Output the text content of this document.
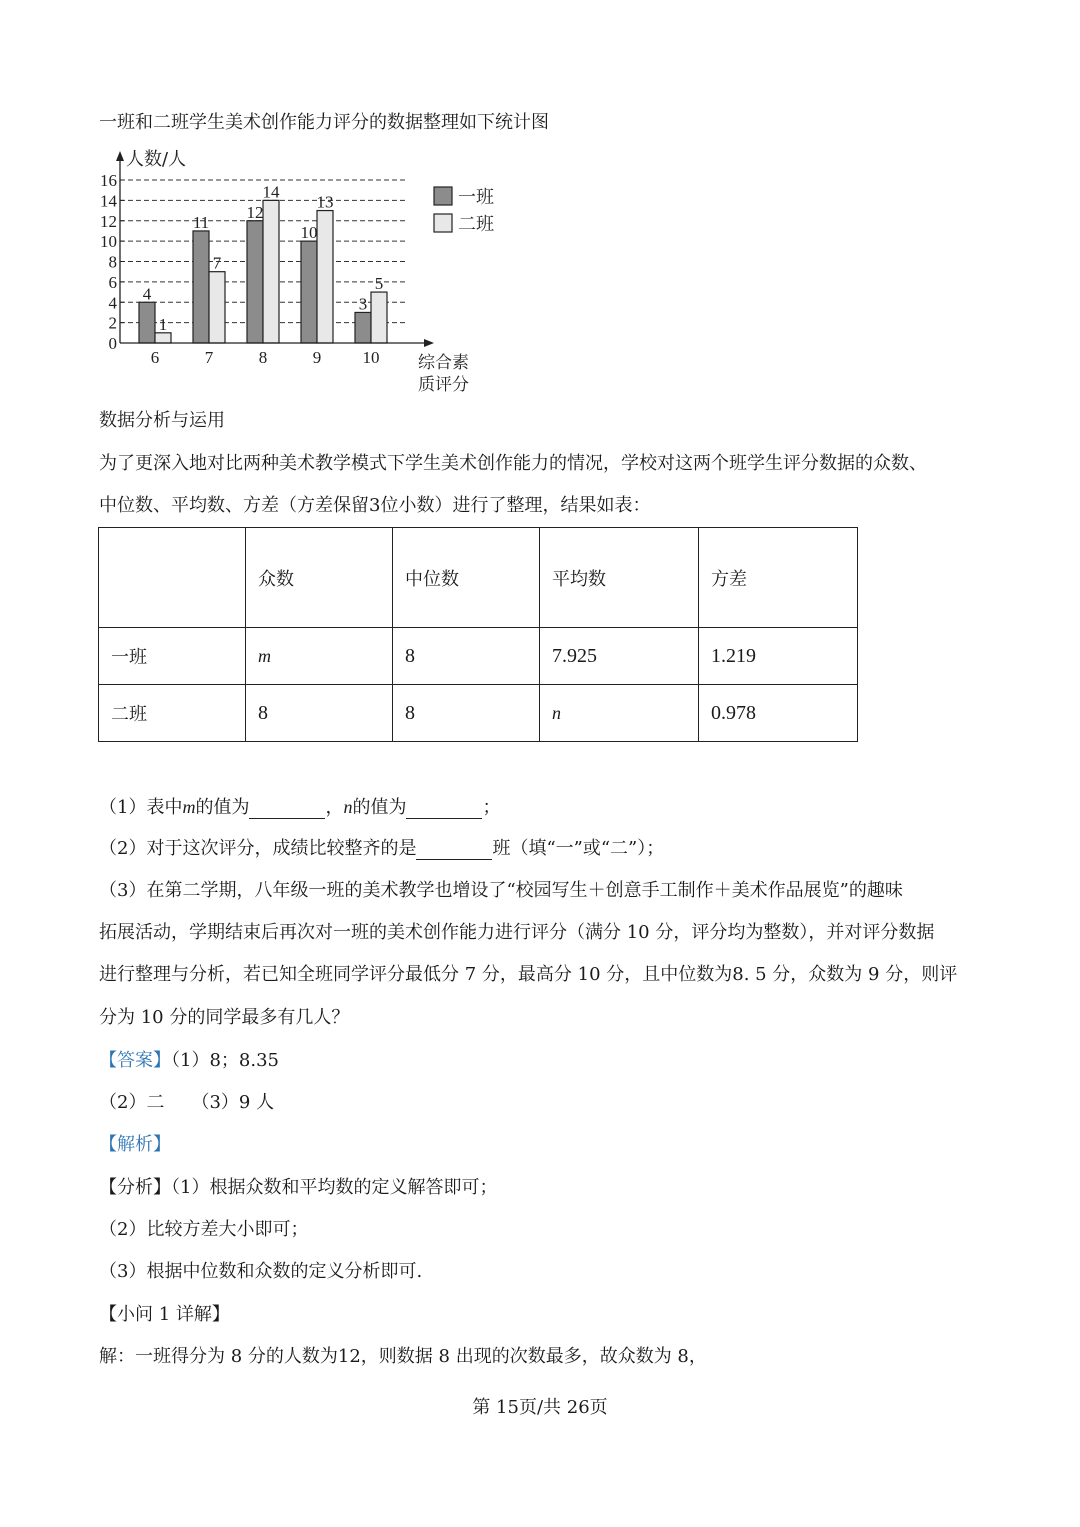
一班和二班学生美术创作能力评分的数据整理如下统计图
0
2
4
6
8
10
12
14
16
人数/人
综合素
质评分
6
4
1
7
11
7
8
12
14
9
10
13
10
3
5
一班
二班
数据分析与运用
为了更深入地对比两种美术教学模式下学生美术创作能力的情况，学校对这两个班学生评分数据的众数、
中位数、平均数、方差（方差保留3位小数）进行了整理，结果如表：
	众数	中位数	平均数	方差
一班	m	8	7.925	1.219
二班	8	8	n	0.978
（1）表中m的值为	，n的值为	；
（2）对于这次评分，成绩比较整齐的是	班（填“一”或“二”）；
（3）在第二学期，八年级一班的美术教学也增设了“校园写生＋创意手工制作＋美术作品展览”的趣味
拓展活动，学期结束后再次对一班的美术创作能力进行评分（满分 10 分，评分均为整数），并对评分数据
进行整理与分析，若已知全班同学评分最低分 7 分，最高分 10 分，且中位数为8. 5 分，众数为 9 分，则评
分为 10 分的同学最多有几人？
【答案】（1）8；8.35
（2）二　　（3）9 人
【解析】
【分析】（1）根据众数和平均数的定义解答即可；
（2）比较方差大小即可；
（3）根据中位数和众数的定义分析即可.
【小问 1 详解】
解：一班得分为 8 分的人数为12，则数据 8 出现的次数最多，故众数为 8，
第 15页/共 26页
